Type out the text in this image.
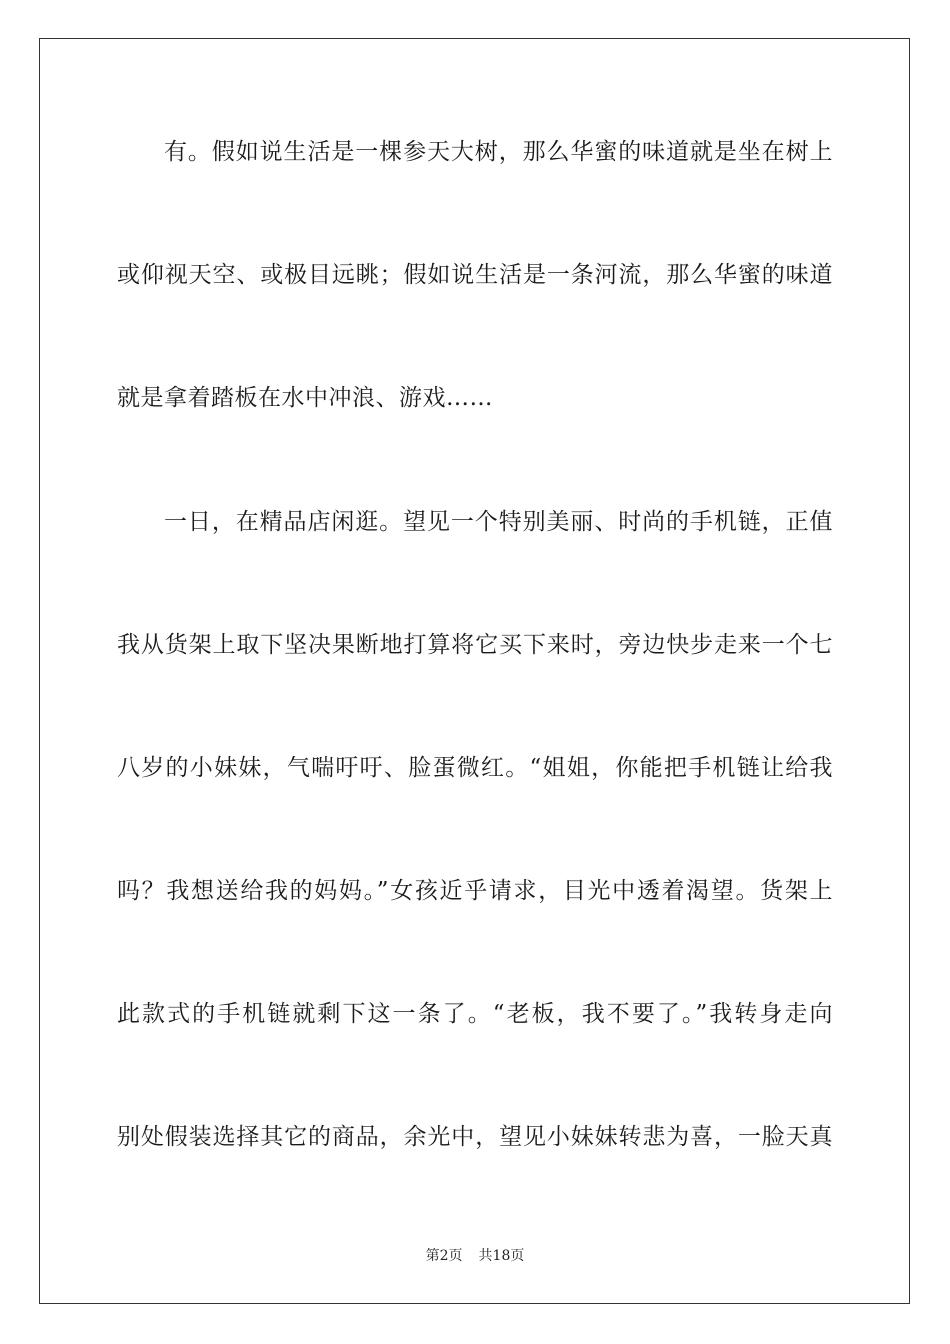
有。假如说生活是一棵参天大树，那么华蜜的味道就是坐在树上
或仰视天空、或极目远眺；假如说生活是一条河流，那么华蜜的味道
就是拿着踏板在水中冲浪、游戏……
一日，在精品店闲逛。望见一个特别美丽、时尚的手机链，正值
我从货架上取下坚决果断地打算将它买下来时，旁边快步走来一个七
八岁的小妹妹，气喘吁吁、脸蛋微红。“姐姐，你能把手机链让给我
吗？我想送给我的妈妈。”女孩近乎请求，目光中透着渴望。货架上
此款式的手机链就剩下这一条了。“老板，我不要了。”我转身走向
别处假装选择其它的商品，余光中，望见小妹妹转悲为喜，一脸天真
第2页 共18页
